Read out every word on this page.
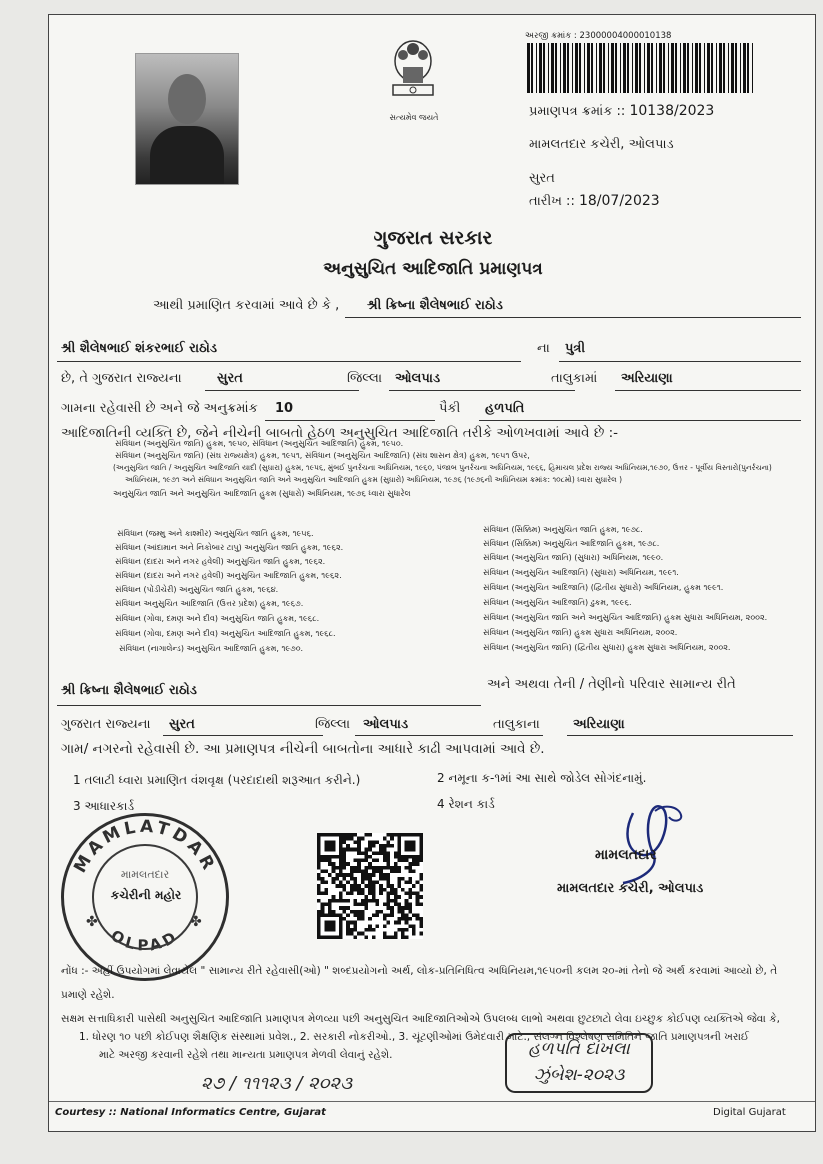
સત્યમેવ જયતે
અરજી ક્રમાંક : 23000004000010138
પ્રમાણપત્ર ક્રમાંક :: 10138/2023
મામલતદાર કચેરી, ઓલપાડ
સુરત
તારીખ :: 18/07/2023
ગુજરાત સરકાર
અનુસુચિત આદિજાતિ પ્રમાણપત્ર
આથી પ્રમાણિત કરવામાં આવે છે કે , શ્રી ક્રિષ્ના શૈલેષભાઈ રાઠોડ
શ્રી શૈલેષભાઈ શંકરભાઈ રાઠોડ	ના પુત્રી
છે, તે ગુજરાત રાજ્યના	સુરત	જિલ્લા ઓલપાડ	તાલુકામાં અરિયાણા
ગામના રહેવાસી છે અને જે અનુક્રમાંક 10	પૈકી હળપતિ
આદિજાતિની વ્યક્તિ છે, જેને નીચેની બાબતો હેઠળ અનુસુચિત આદિજાતિ તરીકે ઓળખવામાં આવે છે :-
સંવિધાન (અનુસુચિત જાતિ) હુકમ, ૧૯૫૦, સંવિધાન (અનુસુચિત આદિજાતિ) હુકમ, ૧૯૫૦.
સંવિધાન (અનુસુચિત જાતિ) (સંઘ રાજ્યક્ષેત્ર) હુકમ, ૧૯૫૧, સંવિધાન (અનુસુચિત આદિજાતિ) (સંઘ શાસન ક્ષેત્ર) હુકમ, ૧૯૫૧ ઉપર,
(અનુસુચિત જાતિ / અનુસુચિત આદિજાતિ યાદી (સુધારા) હુકમ, ૧૯૫૬, મુંબઈ પુનર્રચના અધિનિયમ, ૧૯૬૦, પંજાબ પુનર્રચના અધિનિયમ, ૧૯૬૬, હિમાચલ પ્રદેશ રાજ્ય અધિનિયમ,૧૯૭૦, ઉત્તર - પૂર્વીય વિસ્તારો(પુનર્રચના)
અધિનિયમ, ૧૯૭૧ અને સંવિધાન અનુસુચિત જાતિ અને અનુસુચિત આદિજાતિ હુકમ (સુધારો) અધિનિયમ, ૧૯૭૬ (૧૯૭૬ની અધિનિયમ ક્રમાંક: ૧૦૮મો) ધ્વારા સુધારેલ )
અનુસુચિત જાતિ અને અનુસુચિત આદિજાતિ હુકમ (સુધારો) અધિનિયમ, ૧૯૭૬ ધ્વારા સુધારેલ
સંવિધાન (જમ્મુ અને કાશ્મીર) અનુસુચિત જાતિ હુકમ, ૧૯૫૬.
સંવિધાન (આંદામાન અને નિકોબાર ટાપુ) અનુસુચિત જાતિ હુકમ, ૧૯૬૨.
સંવિધાન (દાદરા અને નગર હવેલી) અનુસુચિત જાતિ હુકમ, ૧૯૬૨.
સંવિધાન (દાદરા અને નગર હવેલી) અનુસુચિત આદિજાતિ હુકમ, ૧૯૬૨.
સંવિધાન (પોંડીચેરી) અનુસુચિત જાતિ હુકમ, ૧૯૬૪.
સંવિધાન અનુસુચિત આદિજાતિ (ઉત્તર પ્રદેશ) હુકમ, ૧૯૬૭.
સંવિધાન (ગોવા, દમણ અને દીવ) અનુસુચિત જાતિ હુકમ, ૧૯૬૮.
સંવિધાન (ગોવા, દમણ અને દીવ) અનુસુચિત આદિજાતિ હુકમ, ૧૯૬૮.
સંવિધાન (નાગાલેન્ડ) અનુસુચિત આદિજાતિ હુકમ, ૧૯૭૦.
સંવિધાન (સિક્કિમ) અનુસુચિત જાતિ હુકમ, ૧૯૭૮.
સંવિધાન (સિક્કિમ) અનુસુચિત આદિજાતિ હુકમ, ૧૯૭૮.
સંવિધાન (અનુસુચિત જાતિ) (સુધારા) અધિનિયમ, ૧૯૯૦.
સંવિધાન (અનુસુચિત આદિજાતિ) (સુધારા) અધિનિયમ, ૧૯૯૧.
સંવિધાન (અનુસુચિત આદિજાતિ) (દ્વિતીય સુધારો) અધિનિયમ, હુકમ ૧૯૯૧.
સંવિધાન (અનુસુચિત આદિજાતિ) ઢુકમ, ૧૯૯૬.
સંવિધાન (અનુસુચિત જાતિ અને અનુસુચિત આદિજાતિ) હુકમ સુધારા અધિનિયમ, ૨૦૦૨.
સંવિધાન (અનુસુચિત જાતિ) હુકમ સુધારા અધિનિયમ, ૨૦૦૨.
સંવિધાન (અનુસુચિત જાતિ) (દ્વિતીય સુધારા) હુકમ સુધારા અધિનિયમ, ૨૦૦૨.
શ્રી ક્રિષ્ના શૈલેષભાઈ રાઠોડ	અને અથવા તેની / તેણીનો પરિવાર સામાન્ય રીતે
ગુજરાત રાજ્યના સુરત	જિલ્લા ઓલપાડ	તાલુકાના	અરિયાણા
ગામ/ નગરનો રહેવાસી છે. આ પ્રમાણપત્ર નીચેની બાબતોના આધારે કાઢી આપવામાં આવે છે.
1 તલાટી ધ્વારા પ્રમાણિત વંશવૃક્ષ (પરદાદાથી શરૂઆત કરીને.)	2 નમૂના ક-૧માં આ સાથે જોડેલ સોગંદનામું.
3 આધારકાર્ડ	4 રેશન કાર્ડ
MAMLATDAR
OLPAD
✤	✤
મામલતદાર
કચેરીની મહોર
મામલતદાર
મામલતદાર કચેરી, ઓલપાડ
નોંધ :- અહીં ઉપયોગમાં લેવાયેલ " સામાન્ય રીતે રહેવાસી(ઓ) " શબ્દપ્રયોગનો અર્થ, લોક-પ્રતિનિધિત્વ અધિનિયમ,૧૯૫૦ની કલમ ૨૦-માં તેનો જે અર્થ કરવામાં આવ્યો છે, તે
પ્રમાણે રહેશે.
સક્ષમ સત્તાધિકારી પાસેથી અનુસુચિત આદિજાતિ પ્રમાણપત્ર મેળવ્યા પછી અનુસુચિત આદિજાતિઓએ ઉપલબ્ધ લાભો અથવા છુટછાટો લેવા ઇચ્છુક કોઈપણ વ્યક્તિએ જેવા કે,
1. ધોરણ ૧૦ પછી કોઈપણ શૈક્ષણિક સંસ્થામાં પ્રવેશ., 2. સરકારી નોકરીઓ., 3. ચૂંટણીઓમાં ઉમેદવારી માટે., સંલગ્ન વિશ્લેષણ સમિતિને જાતિ પ્રમાણપત્રની ખરાઈ
માટે અરજી કરવાની રહેશે તથા માન્યતા પ્રમાણપત્ર મેળવી લેવાનું રહેશે.	હળપતિ દાખલા
ઝુંબેશ-૨૦૨૩
૨૭ / ૧૧૧૨૩ / ૨૦૨૩
Courtesy :: National Informatics Centre, Gujarat	Digital Gujarat
